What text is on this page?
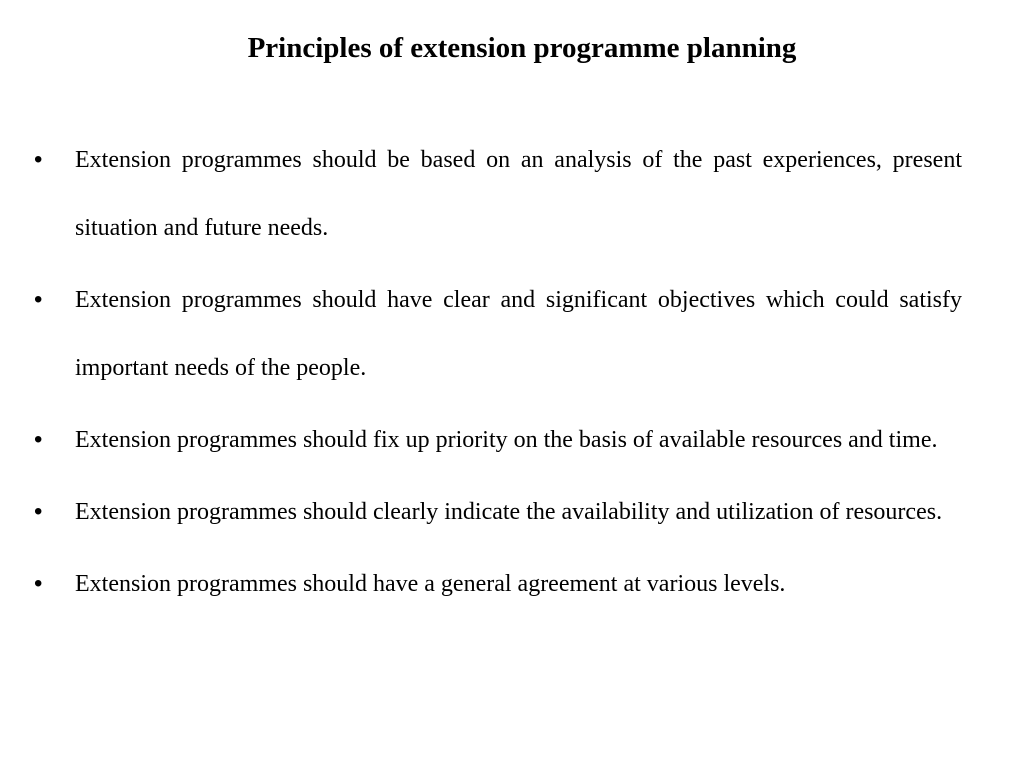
Principles of extension programme planning
• Extension programmes should be based on an analysis of the past experiences, present situation and future needs.
• Extension programmes should have clear and significant objectives which could satisfy important needs of the people.
• Extension programmes should fix up priority on the basis of available resources and time.
• Extension programmes should clearly indicate the availability and utilization of resources.
• Extension programmes should have a general agreement at various levels.
